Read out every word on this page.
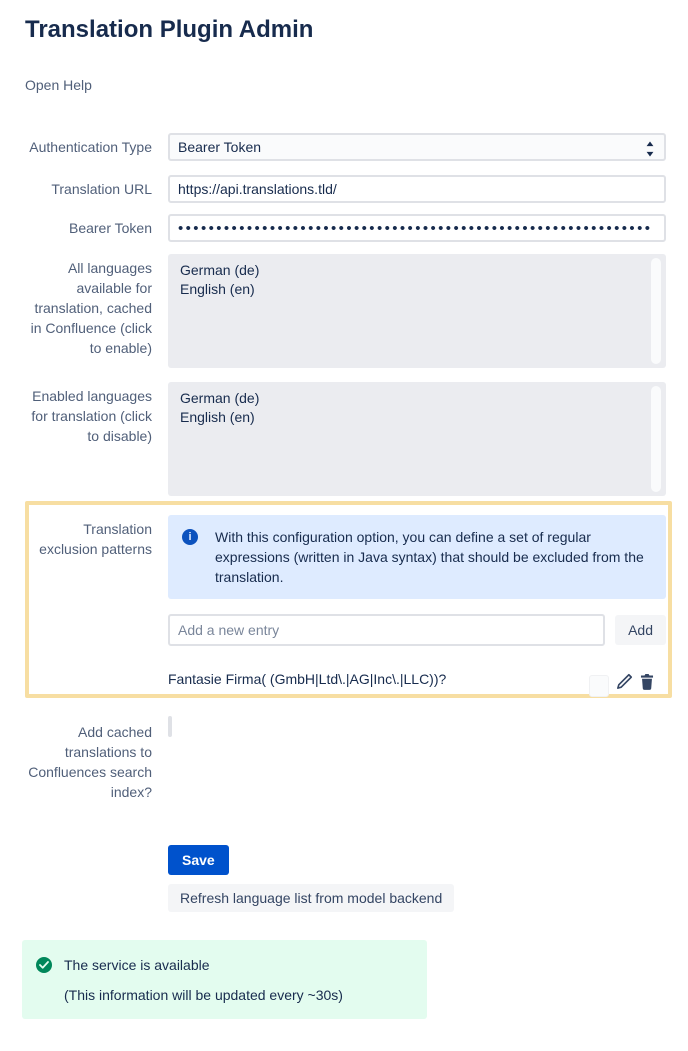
Translation Plugin Admin
Open Help
Authentication Type Bearer Token
Translation URL
https://api.translations.tld/
Bearer Token
••••••••••••••••••••••••••••••••••••••••••••••••••••••••••••••
All languages available for translation, cached in Confluence (click to enable)
German (de)
English (en)
Enabled languages for translation (click to disable)
German (de)
English (en)
Translation exclusion patterns
i	With this configuration option, you can define a set of regular expressions (written in Java syntax) that should be excluded from the translation.
Add a new entry
Add
Fantasie Firma( (GmbH|Ltd\.|AG|Inc\.|LLC))?
Add cached translations to Confluences search index?
Save
Refresh language list from model backend
The service is available
(This information will be updated every ~30s)
